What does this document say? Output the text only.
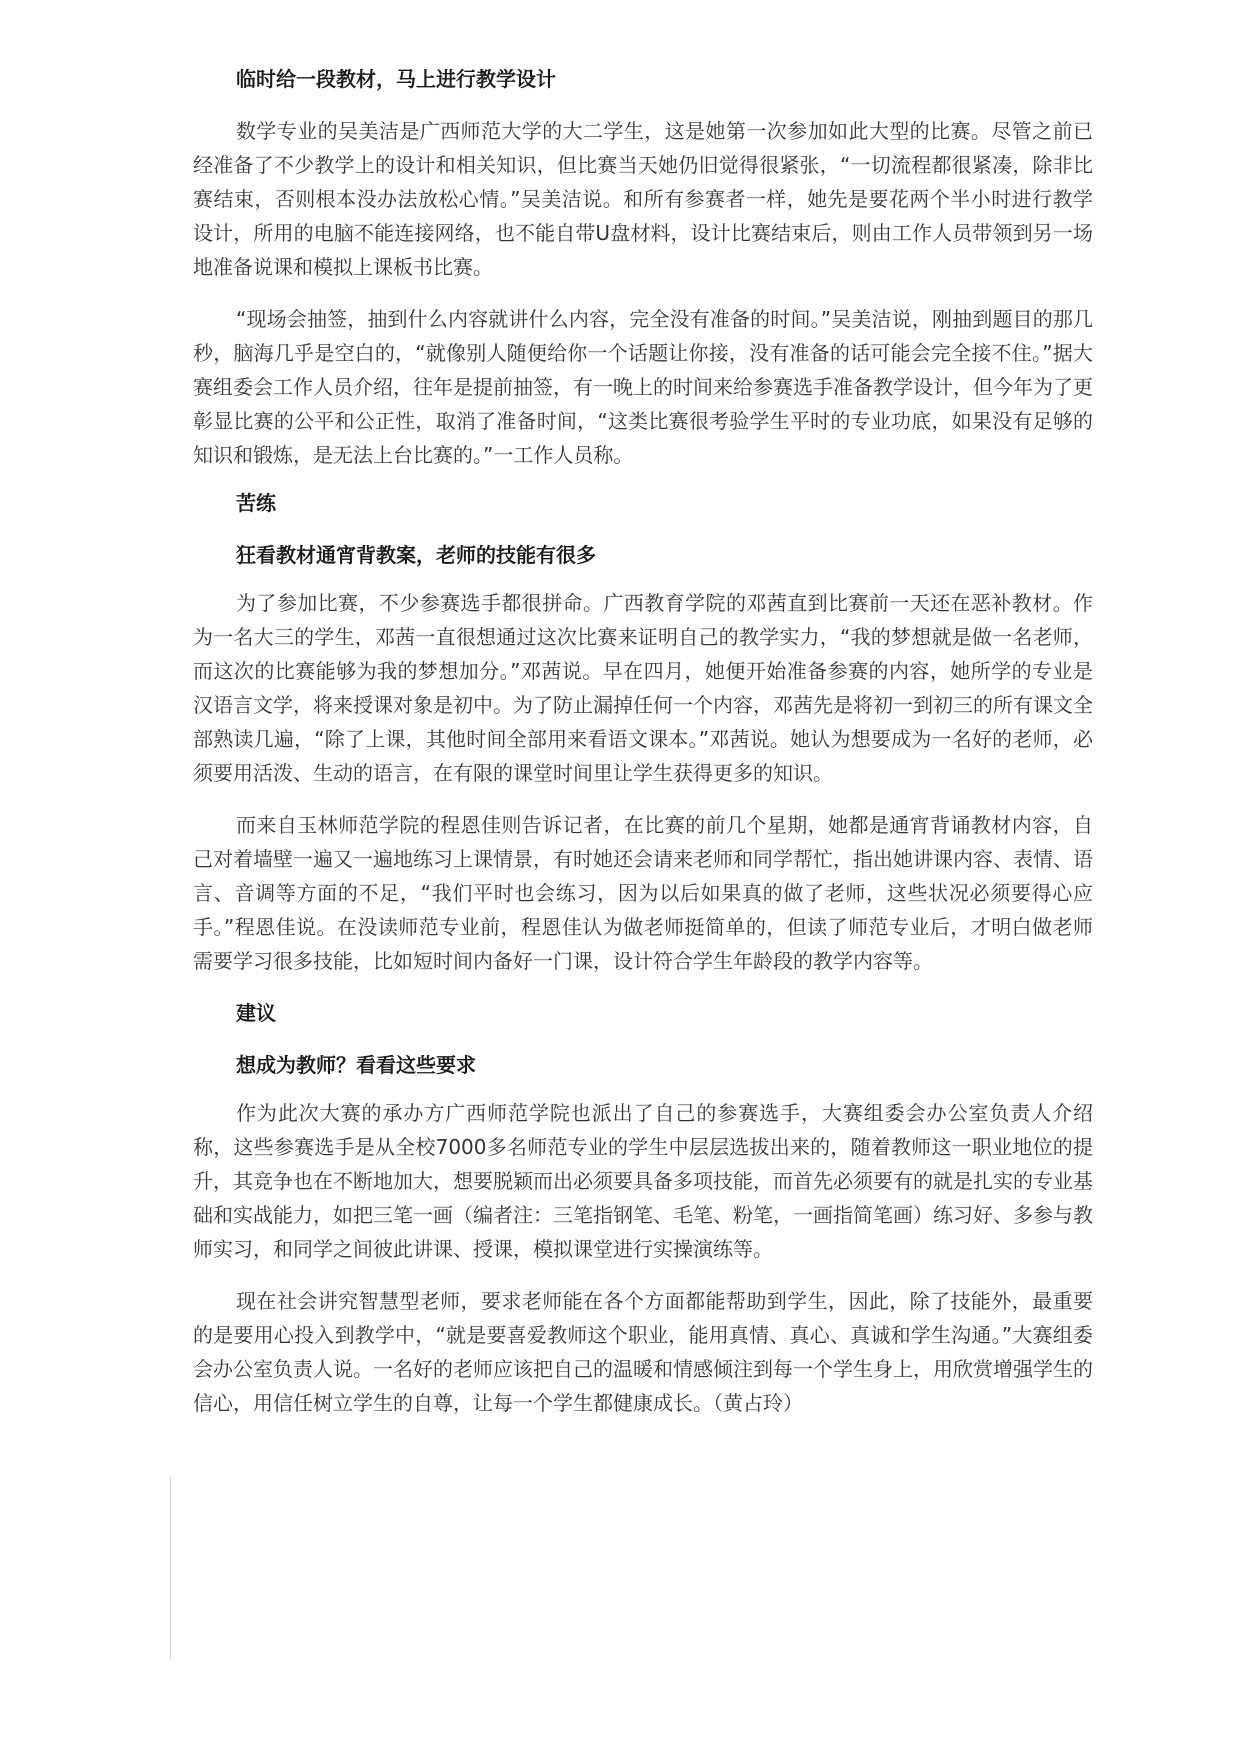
临时给一段教材，马上进行教学设计

数学专业的吴美洁是广西师范大学的大二学生，这是她第一次参加如此大型的比赛。尽管之前已经准备了不少教学上的设计和相关知识，但比赛当天她仍旧觉得很紧张，“一切流程都很紧凑，除非比赛结束，否则根本没办法放松心情。”吴美洁说。和所有参赛者一样，她先是要花两个半小时进行教学设计，所用的电脑不能连接网络，也不能自带U盘材料，设计比赛结束后，则由工作人员带领到另一场地准备说课和模拟上课板书比赛。

“现场会抽签，抽到什么内容就讲什么内容，完全没有准备的时间。”吴美洁说，刚抽到题目的那几秒，脑海几乎是空白的，“就像别人随便给你一个话题让你接，没有准备的话可能会完全接不住。”据大赛组委会工作人员介绍，往年是提前抽签，有一晚上的时间来给参赛选手准备教学设计，但今年为了更彰显比赛的公平和公正性，取消了准备时间，“这类比赛很考验学生平时的专业功底，如果没有足够的知识和锻炼，是无法上台比赛的。”一工作人员称。

苦练
狂看教材通宵背教案，老师的技能有很多

为了参加比赛，不少参赛选手都很拼命。广西教育学院的邓茜直到比赛前一天还在恶补教材。作为一名大三的学生，邓茜一直很想通过这次比赛来证明自己的教学实力，“我的梦想就是做一名老师，而这次的比赛能够为我的梦想加分。”邓茜说。早在四月，她便开始准备参赛的内容，她所学的专业是汉语言文学，将来授课对象是初中。为了防止漏掉任何一个内容，邓茜先是将初一到初三的所有课文全部熟读几遍，“除了上课，其他时间全部用来看语文课本。”邓茜说。她认为想要成为一名好的老师，必须要用活泼、生动的语言，在有限的课堂时间里让学生获得更多的知识。

而来自玉林师范学院的程恩佳则告诉记者，在比赛的前几个星期，她都是通宵背诵教材内容，自己对着墙壁一遍又一遍地练习上课情景，有时她还会请来老师和同学帮忙，指出她讲课内容、表情、语言、音调等方面的不足，“我们平时也会练习，因为以后如果真的做了老师，这些状况必须要得心应手。”程恩佳说。在没读师范专业前，程恩佳认为做老师挺简单的，但读了师范专业后，才明白做老师需要学习很多技能，比如短时间内备好一门课，设计符合学生年龄段的教学内容等。

建议
想成为教师？看看这些要求

作为此次大赛的承办方广西师范学院也派出了自己的参赛选手，大赛组委会办公室负责人介绍称，这些参赛选手是从全校7000多名师范专业的学生中层层选拔出来的，随着教师这一职业地位的提升，其竞争也在不断地加大，想要脱颖而出必须要具备多项技能，而首先必须要有的就是扎实的专业基础和实战能力，如把三笔一画（编者注：三笔指钢笔、毛笔、粉笔，一画指简笔画）练习好、多参与教师实习，和同学之间彼此讲课、授课，模拟课堂进行实操演练等。

现在社会讲究智慧型老师，要求老师能在各个方面都能帮助到学生，因此，除了技能外，最重要的是要用心投入到教学中，“就是要喜爱教师这个职业，能用真情、真心、真诚和学生沟通。”大赛组委会办公室负责人说。一名好的老师应该把自己的温暖和情感倾注到每一个学生身上，用欣赏增强学生的信心，用信任树立学生的自尊，让每一个学生都健康成长。（黄占玲）
